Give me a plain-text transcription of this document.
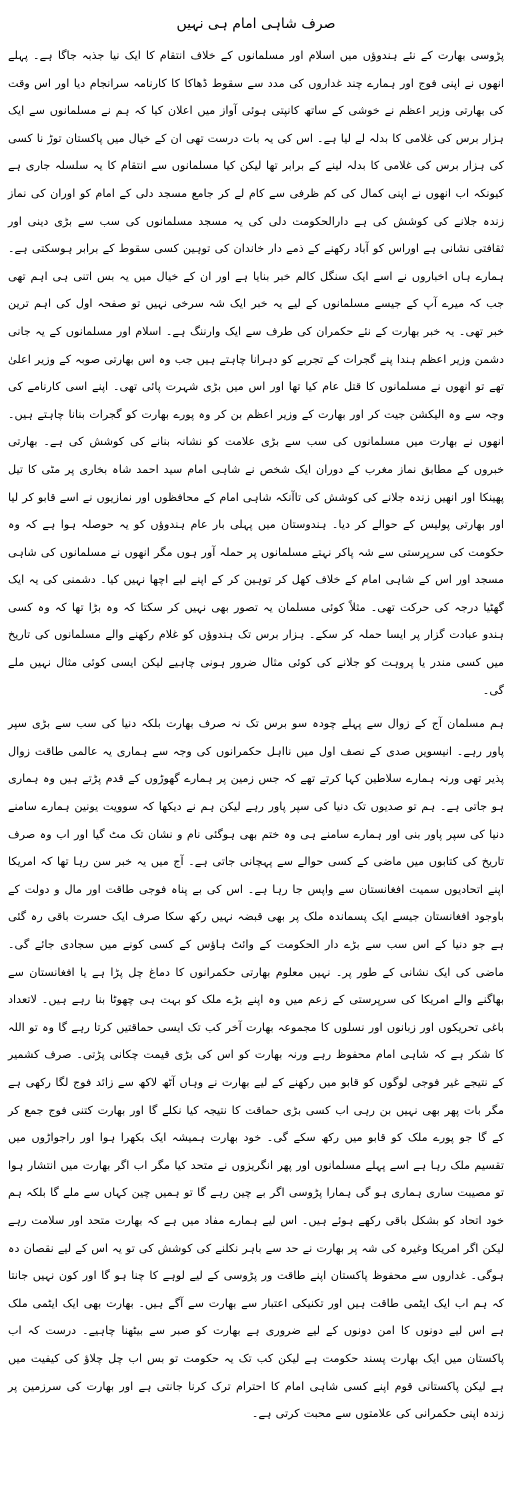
صرف شاہی امام ہی نہیں

پڑوسی بھارت کے نئے ہندوؤں میں اسلام اور مسلمانوں کے خلاف انتقام کا ایک نیا جذبہ جاگا ہے۔ پہلے انھوں نے اپنی فوج اور ہمارے چند غداروں کی مدد سے سقوط ڈھاکا کا کارنامہ سرانجام دیا اور اس وقت کی بھارتی وزیر اعظم نے خوشی کے ساتھ کانپتی ہوئی آواز میں اعلان کیا کہ ہم نے مسلمانوں سے ایک ہزار برس کی غلامی کا بدلہ لے لیا ہے۔ اس کی یہ بات درست تھی ان کے خیال میں پاکستان توڑ نا کسی کی ہزار برس کی غلامی کا بدلہ لینے کے برابر تھا لیکن کیا مسلمانوں سے انتقام کا یہ سلسلہ جاری ہے کیونکہ اب انھوں نے اپنی کمال کی کم ظرفی سے کام لے کر جامع مسجد دلی کے امام کو اوران کی نماز زندہ جلانے کی کوشش کی ہے دارالحکومت دلی کی یہ مسجد مسلمانوں کی سب سے بڑی دینی اور ثقافتی نشانی ہے اوراس کو آباد رکھنے کے ذمے دار خاندان کی توہین کسی سقوط کے برابر ہوسکتی ہے۔ ہمارے ہاں اخباروں نے اسے ایک سنگل کالم خبر بنایا ہے اور ان کے خیال میں یہ بس اتنی ہی اہم تھی جب کہ میرے آپ کے جیسے مسلمانوں کے لیے یہ خبر ایک شہ سرخی نہیں تو صفحہ اول کی اہم ترین خبر تھی۔ یہ خبر بھارت کے نئے حکمران کی طرف سے ایک وارننگ ہے۔ اسلام اور مسلمانوں کے یہ جانی دشمن وزیر اعظم ہندا پنے گجرات کے تجربے کو دہرانا چاہتے ہیں جب وہ اس بھارتی صوبہ کے وزیر اعلیٰ تھے تو انھوں نے مسلمانوں کا قتل عام کیا تھا اور اس میں بڑی شہرت پائی تھی۔ اپنے اسی کارنامے کی وجہ سے وہ الیکشن جیت کر اور بھارت کے وزیر اعظم بن کر وہ پورے بھارت کو گجرات بنانا چاہتے ہیں۔ انھوں نے بھارت میں مسلمانوں کی سب سے بڑی علامت کو نشانہ بنانے کی کوشش کی ہے۔ بھارتی خبروں کے مطابق نماز مغرب کے دوران ایک شخص نے شاہی امام سید احمد شاہ بخاری پر مٹی کا تیل پھینکا اور انھیں زندہ جلانے کی کوشش کی تاآنکہ شاہی امام کے محافظوں اور نمازیوں نے اسے قابو کر لیا اور بھارتی پولیس کے حوالے کر دیا۔ ہندوستان میں پہلی بار عام ہندوؤں کو یہ حوصلہ ہوا ہے کہ وہ حکومت کی سرپرستی سے شہ پاکر نہتے مسلمانوں پر حملہ آور ہوں مگر انھوں نے مسلمانوں کی شاہی مسجد اور اس کے شاہی امام کے خلاف کھل کر توہین کر کے اپنے لیے اچھا نہیں کیا۔ دشمنی کی یہ ایک گھٹیا درجہ کی حرکت تھی۔ مثلاً کوئی مسلمان یہ تصور بھی نہیں کر سکتا کہ وہ بڑا تھا کہ وہ کسی ہندو عبادت گزار پر ایسا حملہ کر سکے۔ ہزار برس تک ہندوؤں کو غلام رکھنے والے مسلمانوں کی تاریخ میں کسی مندر یا پروہت کو جلانے کی کوئی مثال ضرور ہونی چاہیے لیکن ایسی کوئی مثال نہیں ملے گی۔

ہم مسلمان آج کے زوال سے پہلے چودہ سو برس تک نہ صرف بھارت بلکہ دنیا کی سب سے بڑی سپر پاور رہے۔ انیسویں صدی کے نصف اول میں نااہل حکمرانوں کی وجہ سے ہماری یہ عالمی طاقت زوال پذیر تھی ورنہ ہمارے سلاطین کہا کرتے تھے کہ جس زمین پر ہمارے گھوڑوں کے قدم پڑتے ہیں وہ ہماری ہو جاتی ہے۔ ہم تو صدیوں تک دنیا کی سپر پاور رہے لیکن ہم نے دیکھا کہ سوویت یونین ہمارے سامنے دنیا کی سپر پاور بنی اور ہمارے سامنے ہی وہ ختم بھی ہوگئی نام و نشان تک مٹ گیا اور اب وہ صرف تاریخ کی کتابوں میں ماضی کے کسی حوالے سے پہچانی جاتی ہے۔ آج میں یہ خبر سن رہا تھا کہ امریکا اپنے اتحادیوں سمیت افغانستان سے واپس جا رہا ہے۔ اس کی بے پناہ فوجی طاقت اور مال و دولت کے باوجود افغانستان جیسے ایک پسماندہ ملک پر بھی قبضہ نہیں رکھ سکا صرف ایک حسرت باقی رہ گئی ہے جو دنیا کے اس سب سے بڑے دار الحکومت کے وائٹ ہاؤس کے کسی کونے میں سجادی جائے گی۔ ماضی کی ایک نشانی کے طور پر۔ نہیں معلوم بھارتی حکمرانوں کا دماغ چل پڑا ہے یا افغانستان سے بھاگنے والے امریکا کی سرپرستی کے زعم میں وہ اپنے بڑے ملک کو بہت ہی چھوٹا بنا رہے ہیں۔ لاتعداد باغی تحریکوں اور زبانوں اور نسلوں کا مجموعہ بھارت آخر کب تک ایسی حماقتیں کرتا رہے گا وہ تو اللہ کا شکر ہے کہ شاہی امام محفوظ رہے ورنہ بھارت کو اس کی بڑی قیمت چکانی پڑتی۔ صرف کشمیر کے نتیجے غیر فوجی لوگوں کو قابو میں رکھنے کے لیے بھارت نے وہاں آٹھ لاکھ سے زائد فوج لگا رکھی ہے مگر بات پھر بھی نہیں بن رہی اب کسی بڑی حماقت کا نتیجہ کیا نکلے گا اور بھارت کتنی فوج جمع کر کے گا جو پورے ملک کو قابو میں رکھ سکے گی۔ خود بھارت ہمیشہ ایک بکھرا ہوا اور راجواڑوں میں تقسیم ملک رہا ہے اسے پہلے مسلمانوں اور پھر انگریزوں نے متحد کیا مگر اب اگر بھارت میں انتشار ہوا تو مصیبت ساری ہماری ہو گی ہمارا پڑوسی اگر بے چین رہے گا تو ہمیں چین کہاں سے ملے گا بلکہ ہم خود اتحاد کو بشکل باقی رکھے ہوئے ہیں۔ اس لیے ہمارے مفاد میں ہے کہ بھارت متحد اور سلامت رہے لیکن اگر امریکا وغیرہ کی شہ پر بھارت نے حد سے باہر نکلنے کی کوشش کی تو یہ اس کے لیے نقصان دہ ہوگی۔ غداروں سے محفوظ پاکستان اپنے طاقت ور پڑوسی کے لیے لوہے کا چنا ہو گا اور کون نہیں جانتا کہ ہم اب ایک ایٹمی طاقت ہیں اور تکنیکی اعتبار سے بھارت سے آگے ہیں۔ بھارت بھی ایک ایٹمی ملک ہے اس لیے دونوں کا امن دونوں کے لیے ضروری ہے بھارت کو صبر سے بیٹھنا چاہیے۔ درست کہ اب پاکستان میں ایک بھارت پسند حکومت ہے لیکن کب تک یہ حکومت تو بس اب چل چلاؤ کی کیفیت میں ہے لیکن پاکستانی قوم اپنے کسی شاہی امام کا احترام ترک کرنا جانتی ہے اور بھارت کی سرزمین پر زندہ اپنی حکمرانی کی علامتوں سے محبت کرتی ہے۔
